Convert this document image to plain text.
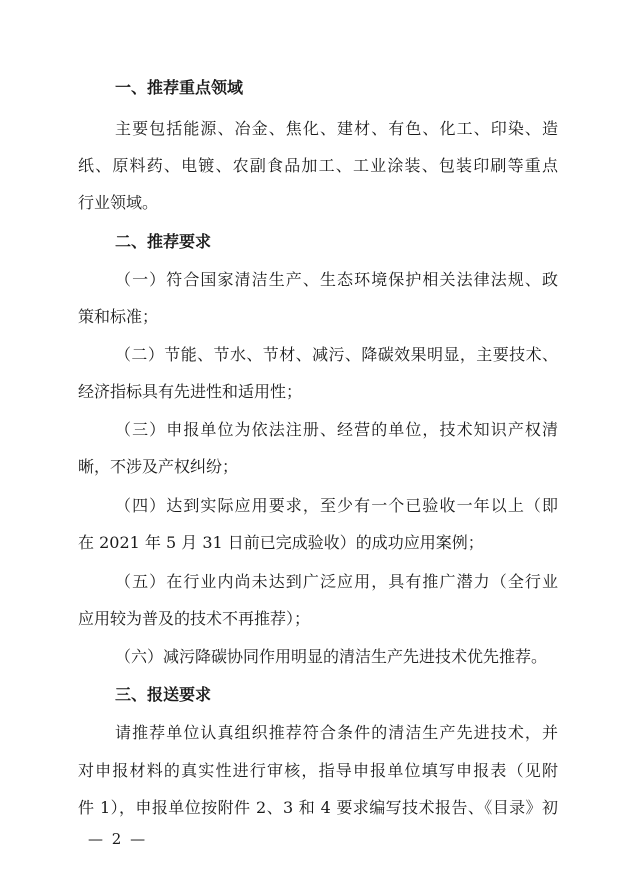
一、推荐重点领域
主要包括能源、冶金、焦化、建材、有色、化工、印染、造
纸、原料药、电镀、农副食品加工、工业涂装、包装印刷等重点
行业领域。
二、推荐要求
（一）符合国家清洁生产、生态环境保护相关法律法规、政
策和标准；
（二）节能、节水、节材、减污、降碳效果明显，主要技术、
经济指标具有先进性和适用性；
（三）申报单位为依法注册、经营的单位，技术知识产权清
晰，不涉及产权纠纷；
（四）达到实际应用要求，至少有一个已验收一年以上（即
在 2021 年 5 月 31 日前已完成验收）的成功应用案例；
（五）在行业内尚未达到广泛应用，具有推广潜力（全行业
应用较为普及的技术不再推荐）；
（六）减污降碳协同作用明显的清洁生产先进技术优先推荐。
三、报送要求
请推荐单位认真组织推荐符合条件的清洁生产先进技术，并
对申报材料的真实性进行审核，指导申报单位填写申报表（见附
件 1），申报单位按附件 2、3 和 4 要求编写技术报告、《目录》初
— 2 —
